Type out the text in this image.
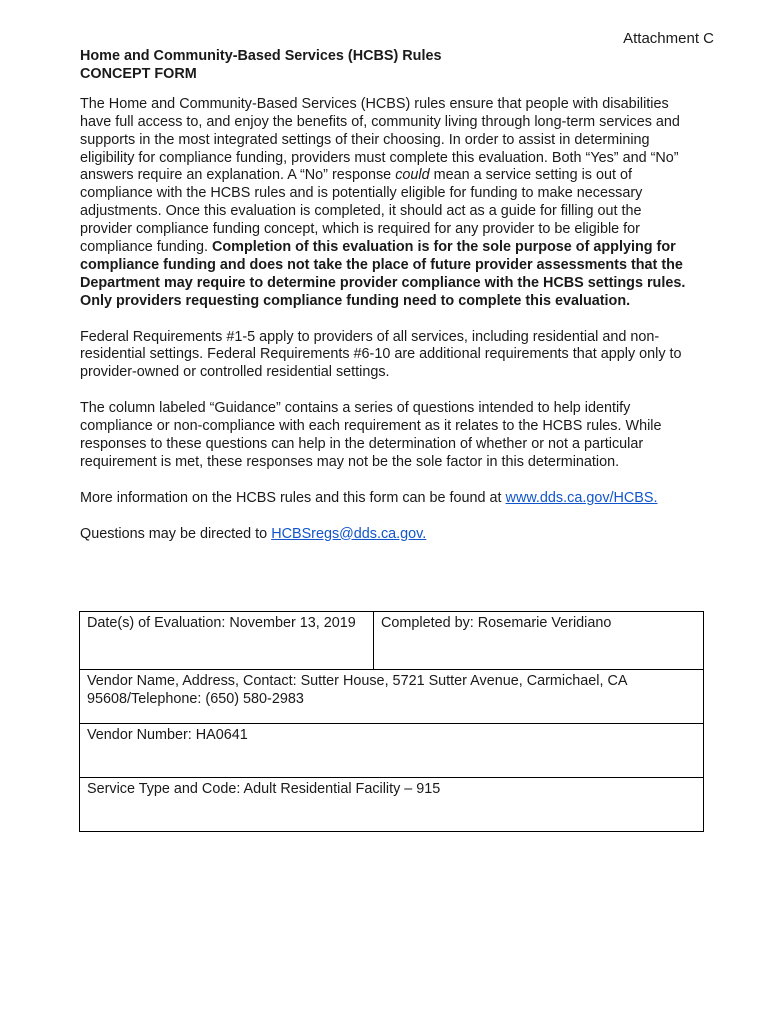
Attachment C
Home and Community-Based Services (HCBS) Rules
CONCEPT FORM

The Home and Community-Based Services (HCBS) rules ensure that people with disabilities have full access to, and enjoy the benefits of, community living through long-term services and supports in the most integrated settings of their choosing. In order to assist in determining eligibility for compliance funding, providers must complete this evaluation. Both “Yes” and “No” answers require an explanation. A “No” response could mean a service setting is out of compliance with the HCBS rules and is potentially eligible for funding to make necessary adjustments. Once this evaluation is completed, it should act as a guide for filling out the provider compliance funding concept, which is required for any provider to be eligible for compliance funding. Completion of this evaluation is for the sole purpose of applying for compliance funding and does not take the place of future provider assessments that the Department may require to determine provider compliance with the HCBS settings rules. Only providers requesting compliance funding need to complete this evaluation.

Federal Requirements #1-5 apply to providers of all services, including residential and non-residential settings. Federal Requirements #6-10 are additional requirements that apply only to provider-owned or controlled residential settings.

The column labeled “Guidance” contains a series of questions intended to help identify compliance or non-compliance with each requirement as it relates to the HCBS rules. While responses to these questions can help in the determination of whether or not a particular requirement is met, these responses may not be the sole factor in this determination.

More information on the HCBS rules and this form can be found at www.dds.ca.gov/HCBS.

Questions may be directed to HCBSregs@dds.ca.gov.

Date(s) of Evaluation: November 13, 2019	Completed by: Rosemarie Veridiano
Vendor Name, Address, Contact: Sutter House, 5721 Sutter Avenue, Carmichael, CA 95608/Telephone: (650) 580-2983
Vendor Number: HA0641
Service Type and Code: Adult Residential Facility – 915
